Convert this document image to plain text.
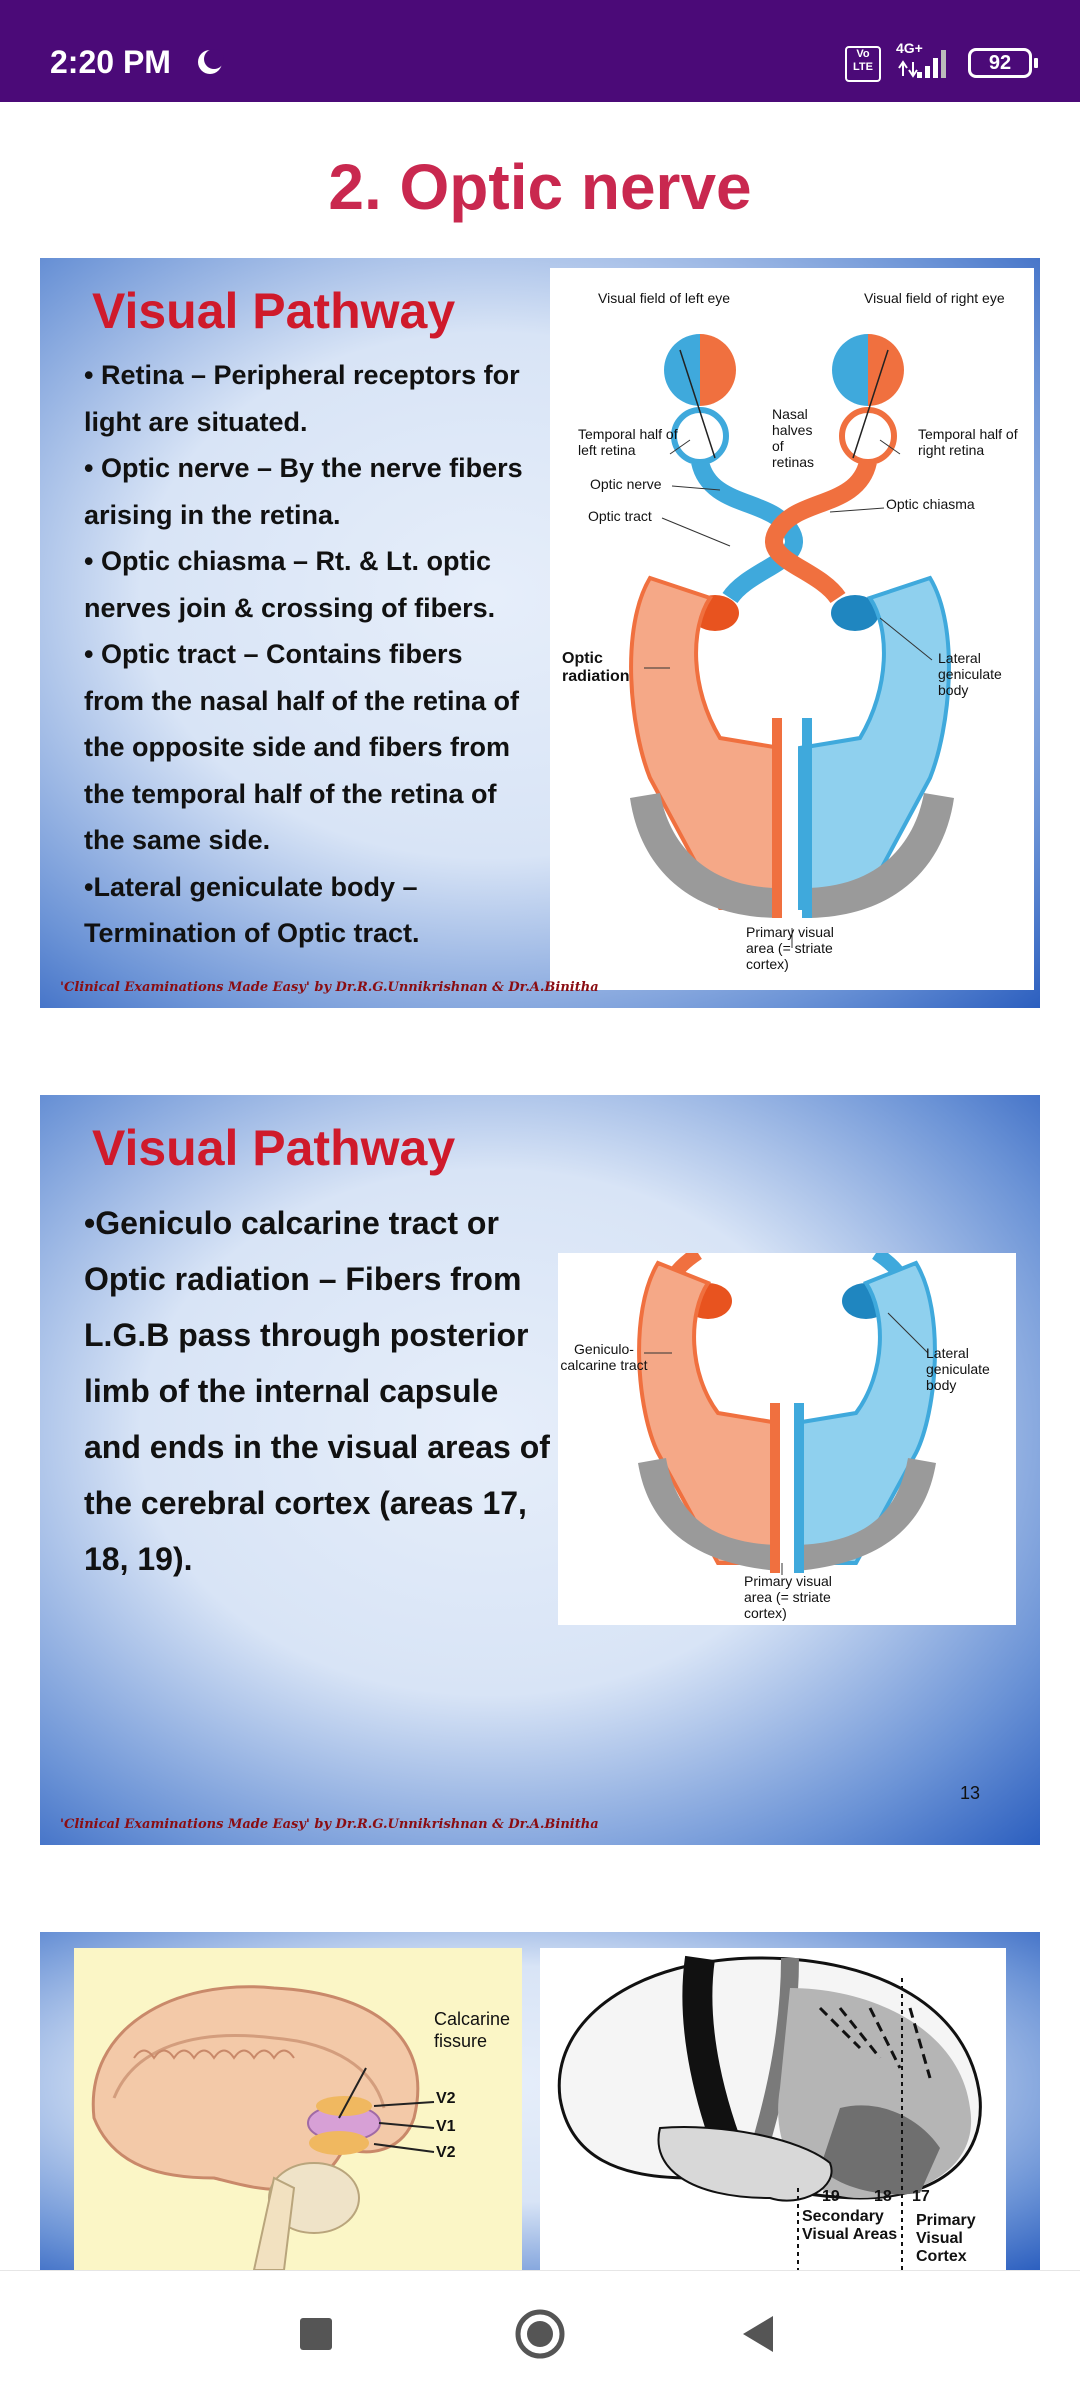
2:20 PM	Vo LTE
4G+
92
2. Optic nerve
Visual Pathway
• Retina – Peripheral receptors for light are situated.
• Optic nerve – By the nerve fibers arising in the retina.
• Optic chiasma – Rt. & Lt. optic nerves join & crossing of fibers.
• Optic tract – Contains fibers from the nasal half of the retina of the opposite side and fibers from the temporal half of the retina of the same side.
•Lateral geniculate body – Termination of Optic tract.
Visual field of left eye	Visual field of right eye
Temporal half of left retina
Nasal halves of retinas
Temporal half of right retina
Optic nerve
Optic tract
Optic chiasma
Optic radiation
Lateral geniculate body
Primary visual area (= striate cortex)
'Clinical Examinations Made Easy' by Dr.R.G.Unnikrishnan & Dr.A.Binitha
Visual Pathway
•Geniculo calcarine tract or Optic radiation – Fibers from L.G.B pass through posterior limb of the internal capsule and ends in the visual areas of the cerebral cortex (areas 17, 18, 19).
Geniculo-calcarine tract
Lateral geniculate body
Primary visual area (= striate cortex)
13
'Clinical Examinations Made Easy' by Dr.R.G.Unnikrishnan & Dr.A.Binitha
Calcarine fissure
V2
V1
V2
19 18 17
Secondary Visual Areas
Primary Visual Cortex
